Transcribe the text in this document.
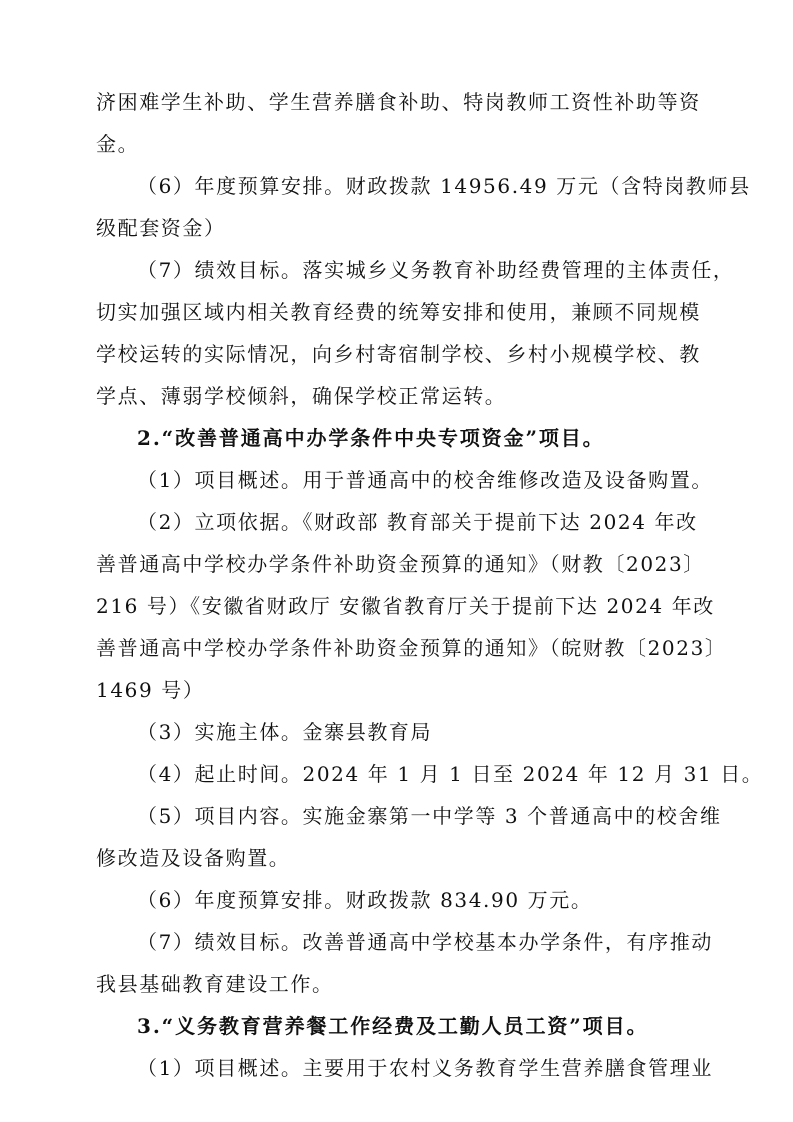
济困难学生补助、学生营养膳食补助、特岗教师工资性补助等资
金。
（6）年度预算安排。财政拨款 14956.49 万元（含特岗教师县
级配套资金）
（7）绩效目标。落实城乡义务教育补助经费管理的主体责任，
切实加强区域内相关教育经费的统筹安排和使用，兼顾不同规模
学校运转的实际情况，向乡村寄宿制学校、乡村小规模学校、教
学点、薄弱学校倾斜，确保学校正常运转。
2.“改善普通高中办学条件中央专项资金”项目。
（1）项目概述。用于普通高中的校舍维修改造及设备购置。
（2）立项依据。《财政部 教育部关于提前下达 2024 年改
善普通高中学校办学条件补助资金预算的通知》（财教〔2023〕
216 号）《安徽省财政厅 安徽省教育厅关于提前下达 2024 年改
善普通高中学校办学条件补助资金预算的通知》（皖财教〔2023〕
1469 号）
（3）实施主体。金寨县教育局
（4）起止时间。2024 年 1 月 1 日至 2024 年 12 月 31 日。
（5）项目内容。实施金寨第一中学等 3 个普通高中的校舍维
修改造及设备购置。
（6）年度预算安排。财政拨款 834.90 万元。
（7）绩效目标。改善普通高中学校基本办学条件，有序推动
我县基础教育建设工作。
3.“义务教育营养餐工作经费及工勤人员工资”项目。
（1）项目概述。主要用于农村义务教育学生营养膳食管理业
